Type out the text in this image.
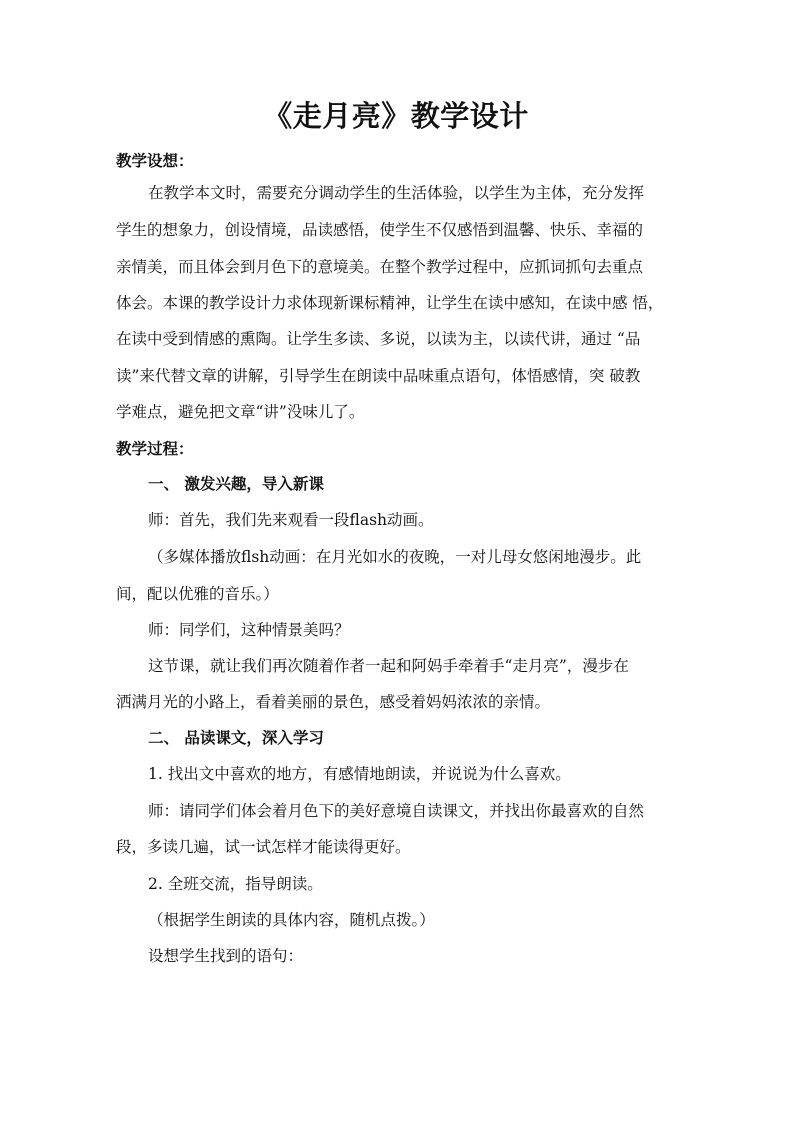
《走月亮》教学设计
教学设想：
在教学本文时，需要充分调动学生的生活体验，以学生为主体，充分发挥
学生的想象力，创设情境，品读感悟，使学生不仅感悟到温馨、快乐、幸福的
亲情美，而且体会到月色下的意境美。在整个教学过程中，应抓词抓句去重点
体会。本课的教学设计力求体现新课标精神，让学生在读中感知，在读中感 悟，
在读中受到情感的熏陶。让学生多读、多说，以读为主，以读代讲，通过 “品
读”来代替文章的讲解，引导学生在朗读中品味重点语句，体悟感情，突 破教
学难点，避免把文章“讲”没味儿了。
教学过程：
一、 激发兴趣，导入新课
师：首先，我们先来观看一段flash动画。
（多媒体播放flsh动画：在月光如水的夜晚，一对儿母女悠闲地漫步。此
间，配以优雅的音乐。）
师：同学们，这种情景美吗？
这节课，就让我们再次随着作者一起和阿妈手牵着手“走月亮”，漫步在
洒满月光的小路上，看着美丽的景色，感受着妈妈浓浓的亲情。
二、 品读课文，深入学习
1. 找出文中喜欢的地方，有感情地朗读，并说说为什么喜欢。
师：请同学们体会着月色下的美好意境自读课文，并找出你最喜欢的自然
段，多读几遍，试一试怎样才能读得更好。
2. 全班交流，指导朗读。
（根据学生朗读的具体内容，随机点拨。）
设想学生找到的语句：
